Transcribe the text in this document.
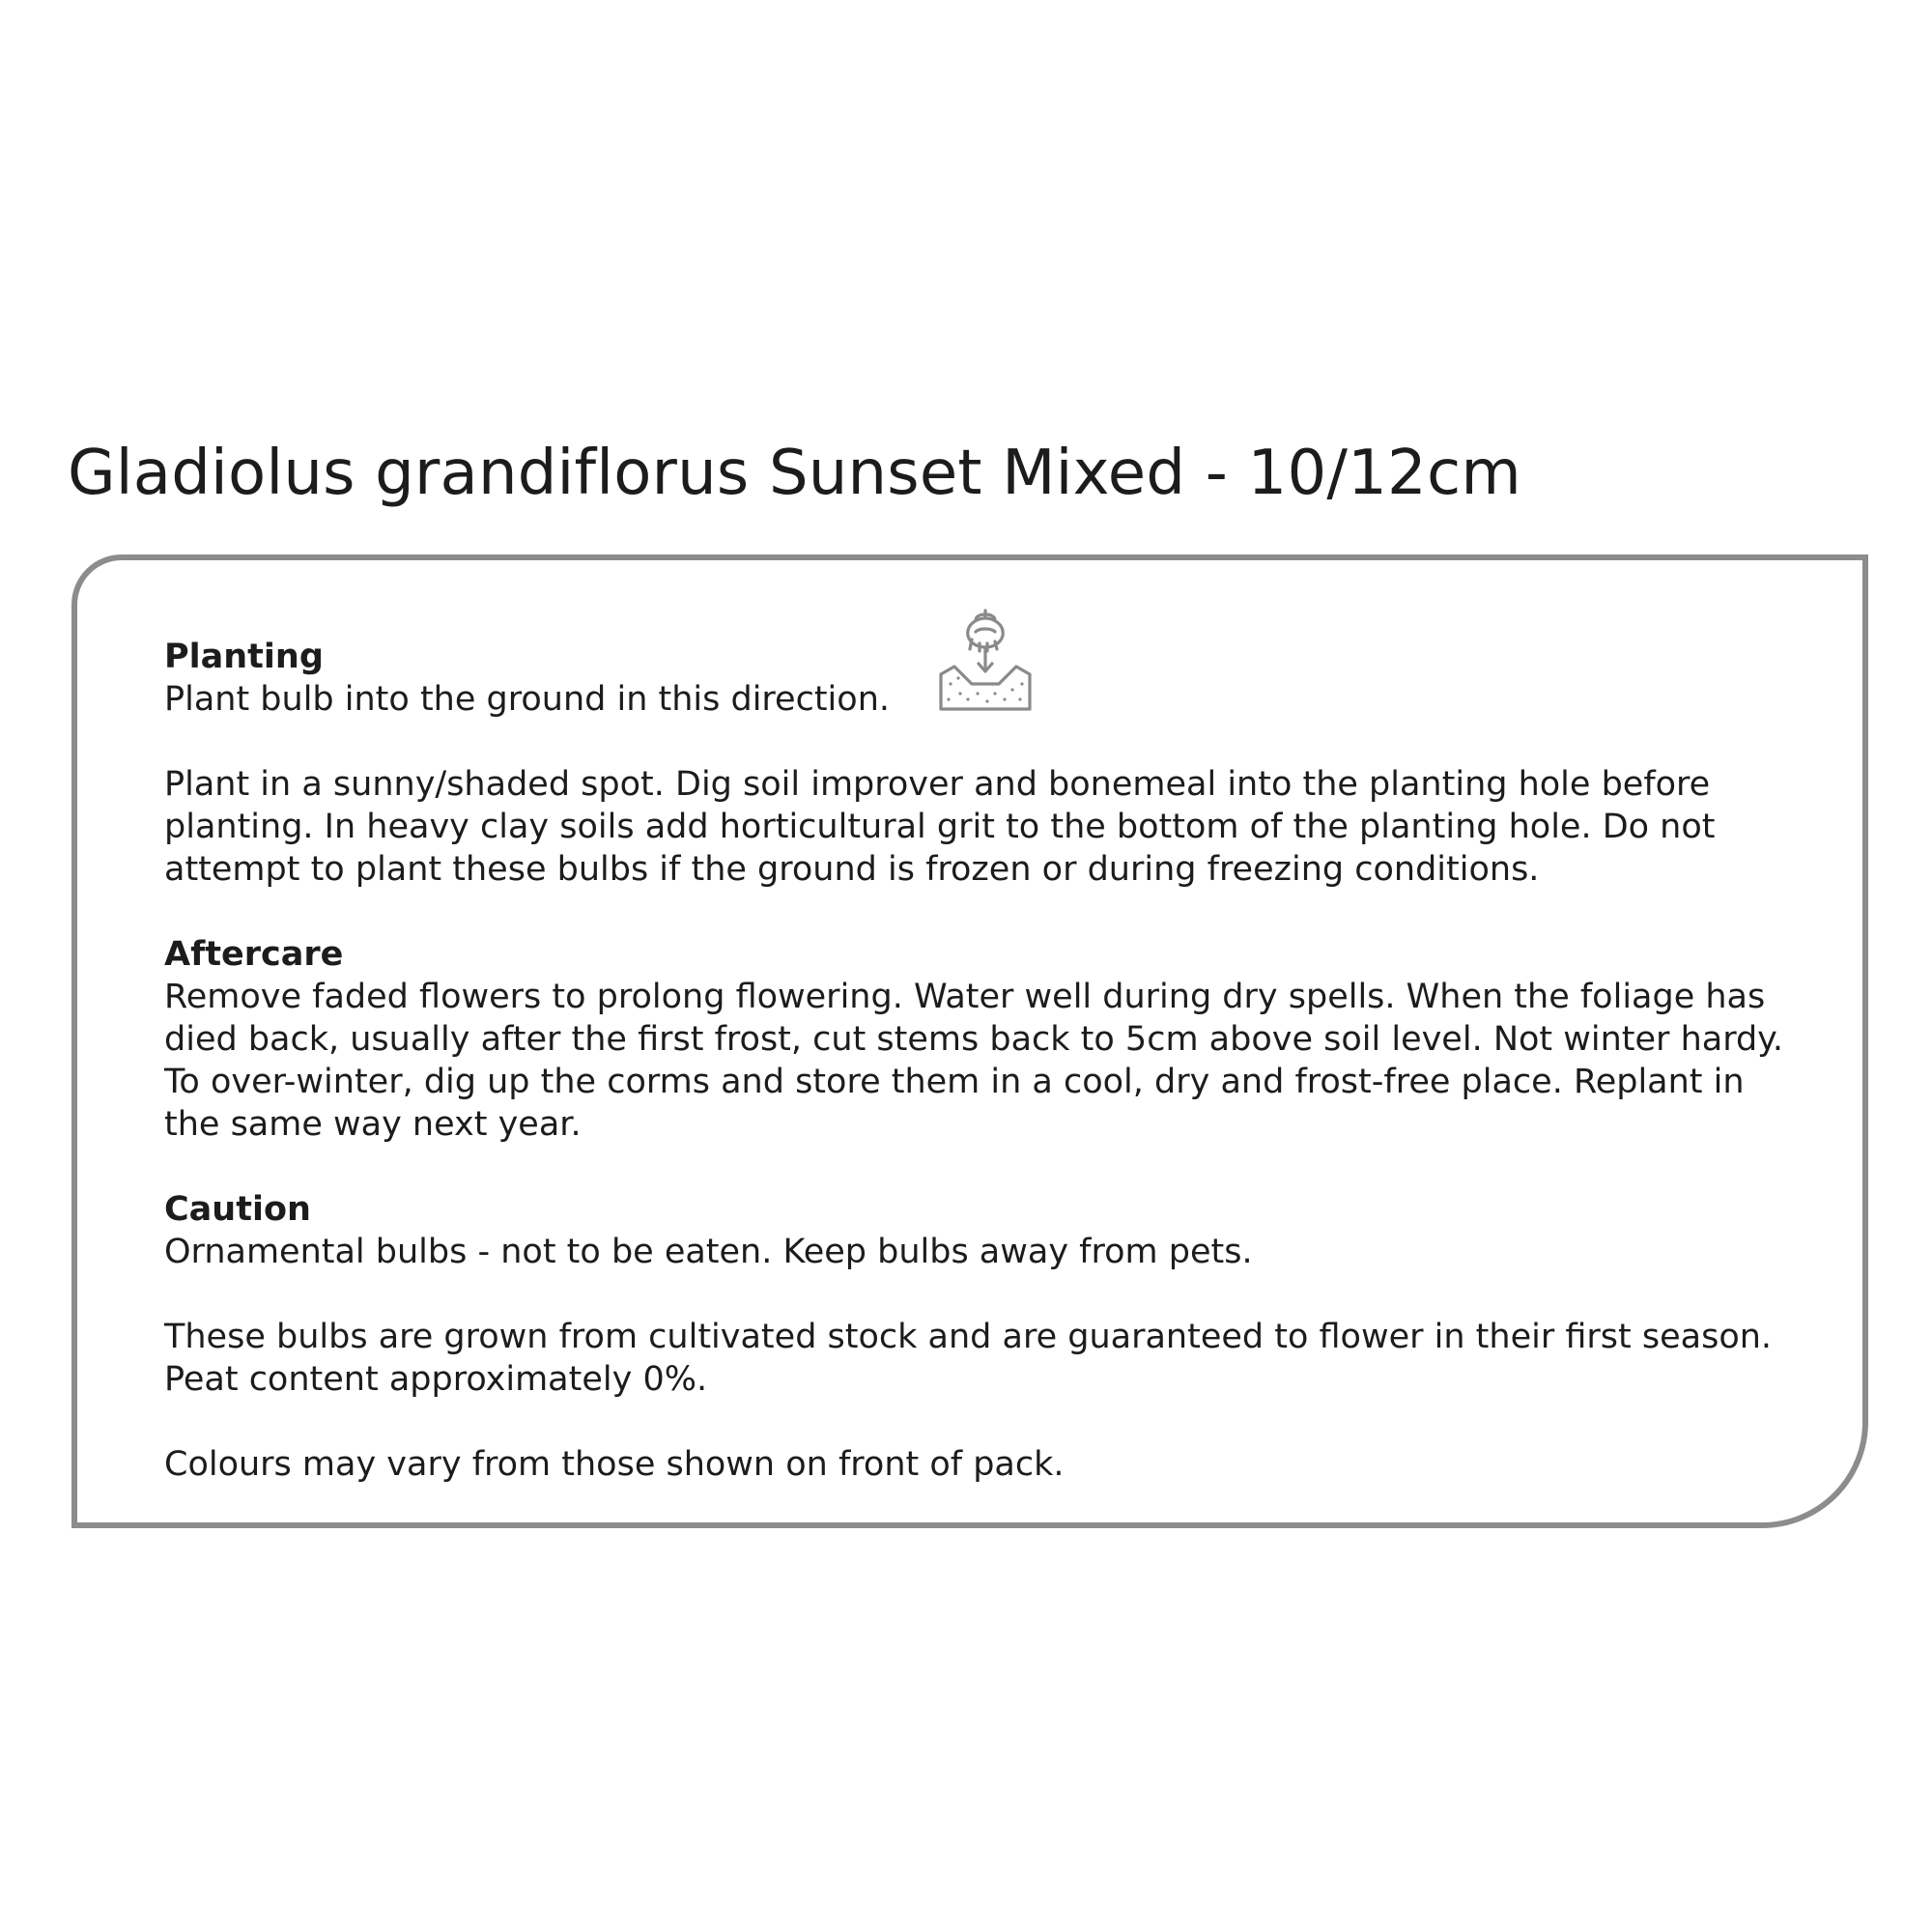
Gladiolus grandiflorus Sunset Mixed - 10/12cm

Planting

Plant bulb into the ground in this direction.

Plant in a sunny/shaded spot. Dig soil improver and bonemeal into the planting hole before planting. In heavy clay soils add horticultural grit to the bottom of the planting hole. Do not attempt to plant these bulbs if the ground is frozen or during freezing conditions.

Aftercare

Remove faded flowers to prolong flowering. Water well during dry spells. When the foliage has died back, usually after the first frost, cut stems back to 5cm above soil level. Not winter hardy. To over-winter, dig up the corms and store them in a cool, dry and frost-free place. Replant in the same way next year.

Caution

Ornamental bulbs - not to be eaten. Keep bulbs away from pets.

These bulbs are grown from cultivated stock and are guaranteed to flower in their first season. Peat content approximately 0%.

Colours may vary from those shown on front of pack.
